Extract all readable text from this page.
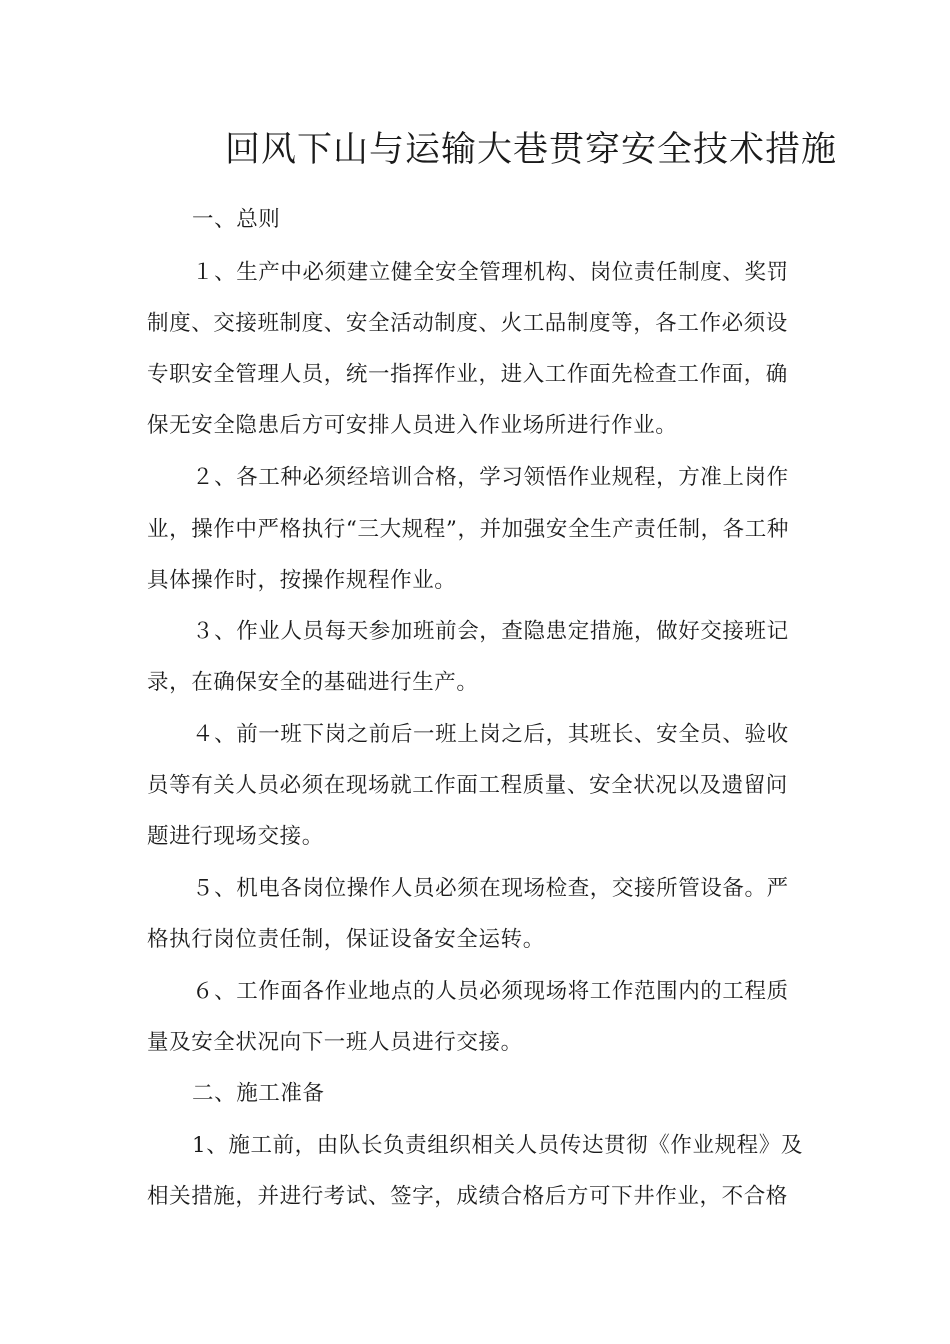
回风下山与运输大巷贯穿安全技术措施
一、总则
１、生产中必须建立健全安全管理机构、岗位责任制度、奖罚
制度、交接班制度、安全活动制度、火工品制度等，各工作必须设
专职安全管理人员，统一指挥作业，进入工作面先检查工作面，确
保无安全隐患后方可安排人员进入作业场所进行作业。
２、各工种必须经培训合格，学习领悟作业规程，方准上岗作
业，操作中严格执行“三大规程”，并加强安全生产责任制，各工种
具体操作时，按操作规程作业。
３、作业人员每天参加班前会，查隐患定措施，做好交接班记
录，在确保安全的基础进行生产。
４、前一班下岗之前后一班上岗之后，其班长、安全员、验收
员等有关人员必须在现场就工作面工程质量、安全状况以及遗留问
题进行现场交接。
５、机电各岗位操作人员必须在现场检查，交接所管设备。严
格执行岗位责任制，保证设备安全运转。
６、工作面各作业地点的人员必须现场将工作范围内的工程质
量及安全状况向下一班人员进行交接。
二、施工准备
1、施工前，由队长负责组织相关人员传达贯彻《作业规程》及
相关措施，并进行考试、签字，成绩合格后方可下井作业，不合格
